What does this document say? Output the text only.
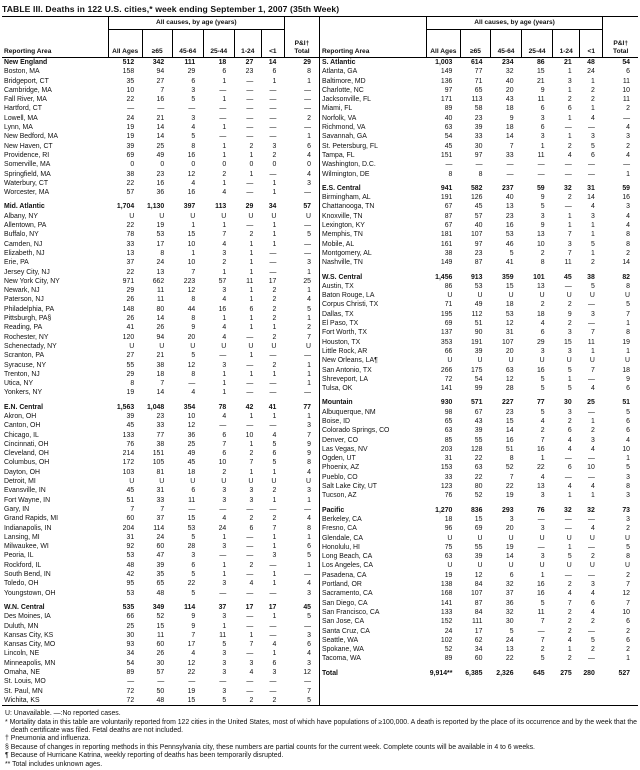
TABLE III. Deaths in 122 U.S. cities,* week ending September 1, 2007 (35th Week)
	All causes, by age (years)						
Reporting Area	All Ages	≥65	45-64	25-44	1-24	<1	P&I†
Total

New England	512	342	111	18	27	14	29
Boston, MA	158	94	29	6	23	6	8
Bridgeport, CT	35	27	6	1	—	1	1
Cambridge, MA	10	7	3	—	—	—	—
Fall River, MA	22	16	5	1	—	—	—
Hartford, CT	—	—	—	—	—	—	—
Lowell, MA	24	21	3	—	—	—	2
Lynn, MA	19	14	4	1	—	—	—
New Bedford, MA	19	14	5	—	—	—	1
New Haven, CT	39	25	8	1	2	3	6
Providence, RI	69	49	16	1	1	2	4
Somerville, MA	0	0	0	0	0	0	0
Springfield, MA	38	23	12	2	1	—	4
Waterbury, CT	22	16	4	1	—	1	3
Worcester, MA	57	36	16	4	—	1	—

Mid. Atlantic	1,704	1,130	397	113	29	34	57
Albany, NY	U	U	U	U	U	U	U
Allentown, PA	22	19	1	1	—	1	—
Buffalo, NY	78	53	15	7	2	1	5
Camden, NJ	33	17	10	4	1	1	—
Elizabeth, NJ	13	8	1	3	1	—	—
Erie, PA	37	24	10	2	1	—	3
Jersey City, NJ	22	13	7	1	1	—	1
New York City, NY	971	662	223	57	11	17	25
Newark, NJ	29	11	12	3	1	2	1
Paterson, NJ	26	11	8	4	1	2	4
Philadelphia, PA	148	80	44	16	6	2	5
Pittsburgh, PA§	26	14	8	1	1	2	1
Reading, PA	41	26	9	4	1	1	2
Rochester, NY	120	94	20	4	—	2	7
Schenectady, NY	U	U	U	U	U	U	U
Scranton, PA	27	21	5	—	1	—	—
Syracuse, NY	55	38	12	3	—	2	1
Trenton, NJ	29	18	8	1	1	1	1
Utica, NY	8	7	—	1	—	—	1
Yonkers, NY	19	14	4	1	—	—	—

E.N. Central	1,563	1,048	354	78	42	41	77
Akron, OH	39	23	10	4	1	1	1
Canton, OH	45	33	12	—	—	—	3
Chicago, IL	133	77	36	6	10	4	7
Cincinnati, OH	76	38	25	7	1	5	9
Cleveland, OH	214	151	49	6	2	6	9
Columbus, OH	172	105	45	10	7	5	8
Dayton, OH	103	81	18	2	1	1	4
Detroit, MI	U	U	U	U	U	U	U
Evansville, IN	45	31	6	3	3	2	3
Fort Wayne, IN	51	33	11	3	3	1	1
Gary, IN	7	7	—	—	—	—	—
Grand Rapids, MI	60	37	15	4	2	2	4
Indianapolis, IN	204	114	53	24	6	7	8
Lansing, MI	31	24	5	1	—	1	1
Milwaukee, WI	92	60	28	3	—	1	6
Peoria, IL	53	47	3	—	—	3	5
Rockford, IL	48	39	6	1	2	—	1
South Bend, IN	42	35	5	1	—	1	—
Toledo, OH	95	65	22	3	4	1	4
Youngstown, OH	53	48	5	—	—	—	3

W.N. Central	535	349	114	37	17	17	45
Des Moines, IA	66	52	9	3	—	1	5
Duluth, MN	25	15	9	1	—	—	—
Kansas City, KS	30	11	7	11	1	—	3
Kansas City, MO	93	60	17	5	7	4	6
Lincoln, NE	34	26	4	3	—	1	4
Minneapolis, MN	54	30	12	3	3	6	3
Omaha, NE	89	57	22	3	4	3	12
St. Louis, MO	—	—	—	—	—	—	—
St. Paul, MN	72	50	19	3	—	—	7
Wichita, KS	72	48	15	5	2	2	5
	All causes, by age (years)						
Reporting Area	All Ages	≥65	45-64	25-44	1-24	<1	P&I†
Total

S. Atlantic	1,003	614	234	86	21	48	54
Atlanta, GA	149	77	32	15	1	24	6
Baltimore, MD	136	71	40	21	3	1	11
Charlotte, NC	97	65	20	9	1	2	10
Jacksonville, FL	171	113	43	11	2	2	11
Miami, FL	89	58	18	6	6	1	2
Norfolk, VA	40	23	9	3	1	4	—
Richmond, VA	63	39	18	6	—	—	4
Savannah, GA	54	33	14	3	1	3	3
St. Petersburg, FL	45	30	7	1	2	5	2
Tampa, FL	151	97	33	11	4	6	4
Washington, D.C.	—	—	—	—	—	—	—
Wilmington, DE	8	8	—	—	—	—	1

E.S. Central	941	582	237	59	32	31	59
Birmingham, AL	191	126	40	9	2	14	16
Chattanooga, TN	67	45	13	5	—	4	3
Knoxville, TN	87	57	23	3	1	3	4
Lexington, KY	67	40	16	9	1	1	4
Memphis, TN	181	107	53	13	7	1	8
Mobile, AL	161	97	46	10	3	5	8
Montgomery, AL	38	23	5	2	7	1	2
Nashville, TN	149	87	41	8	11	2	14

W.S. Central	1,456	913	359	101	45	38	82
Austin, TX	86	53	15	13	—	5	8
Baton Rouge, LA	U	U	U	U	U	U	U
Corpus Christi, TX	71	49	18	2	2	—	5
Dallas, TX	195	112	53	18	9	3	7
El Paso, TX	69	51	12	4	2	—	1
Fort Worth, TX	137	90	31	6	3	7	8
Houston, TX	353	191	107	29	15	11	19
Little Rock, AR	66	39	20	3	3	1	1
New Orleans, LA¶	U	U	U	U	U	U	U
San Antonio, TX	266	175	63	16	5	7	18
Shreveport, LA	72	54	12	5	1	—	9
Tulsa, OK	141	99	28	5	5	4	6

Mountain	930	571	227	77	30	25	51
Albuquerque, NM	98	67	23	5	3	—	5
Boise, ID	65	43	15	4	2	1	6
Colorado Springs, CO	63	39	14	2	6	2	6
Denver, CO	85	55	16	7	4	3	4
Las Vegas, NV	203	128	51	16	4	4	10
Ogden, UT	31	22	8	1	—	—	1
Phoenix, AZ	153	63	52	22	6	10	5
Pueblo, CO	33	22	7	4	—	—	3
Salt Lake City, UT	123	80	22	13	4	4	8
Tucson, AZ	76	52	19	3	1	1	3

Pacific	1,270	836	293	76	32	32	73
Berkeley, CA	18	15	3	—	—	—	3
Fresno, CA	96	69	20	3	—	4	2
Glendale, CA	U	U	U	U	U	U	U
Honolulu, HI	75	55	19	—	1	—	5
Long Beach, CA	63	39	14	3	5	2	8
Los Angeles, CA	U	U	U	U	U	U	U
Pasadena, CA	19	12	6	1	—	—	2
Portland, OR	138	84	32	16	2	3	7
Sacramento, CA	168	107	37	16	4	4	12
San Diego, CA	141	87	36	5	7	6	7
San Francisco, CA	133	84	32	11	2	4	10
San Jose, CA	152	111	30	7	2	2	6
Santa Cruz, CA	24	17	5	—	2	—	2
Seattle, WA	102	62	24	7	4	5	6
Spokane, WA	52	34	13	2	1	2	2
Tacoma, WA	89	60	22	5	2	—	1

Total	9,914**	6,385	2,326	645	275	280	527
U: Unavailable. —:No reported cases.
* Mortality data in this table are voluntarily reported from 122 cities in the United States, most of which have populations of ≥100,000. A death is reported by the place of its occurrence and by the week that the death certificate was filed. Fetal deaths are not included.
† Pneumonia and influenza.
§ Because of changes in reporting methods in this Pennsylvania city, these numbers are partial counts for the current week. Complete counts will be available in 4 to 6 weeks.
¶ Because of Hurricane Katrina, weekly reporting of deaths has been temporarily disrupted.
** Total includes unknown ages.
